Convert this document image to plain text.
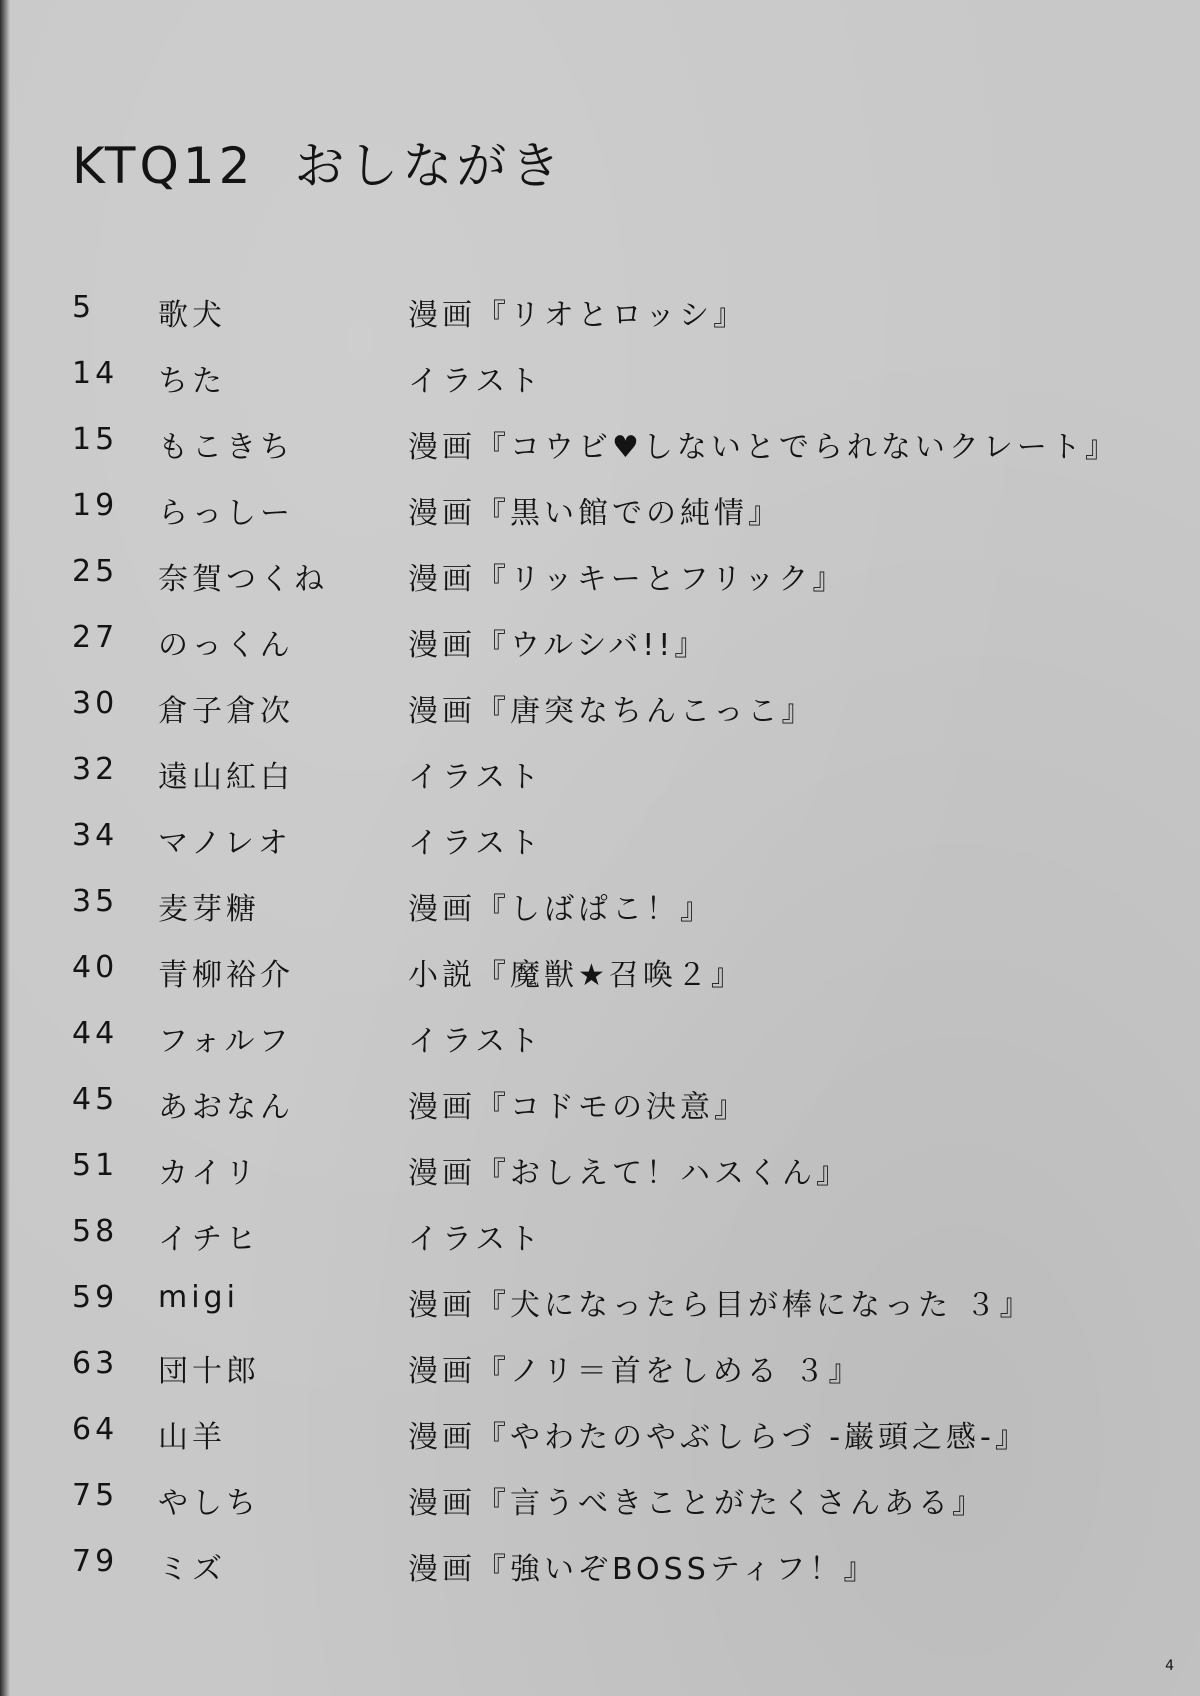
KTQ12 おしながき
5 歌犬	漫画『リオとロッシ』
14 ちた	イラスト
15 もこきち	漫画『コウビ♥しないとでられないクレート』
19 らっしー	漫画『黒い館での純情』
25 奈賀つくね	漫画『リッキーとフリック』
27 のっくん	漫画『ウルシバ!!』
30 倉子倉次	漫画『唐突なちんこっこ』
32 遠山紅白	イラスト
34 マノレオ	イラスト
35 麦芽糖	漫画『しばぱこ！』
40 青柳裕介	小説『魔獣★召喚２』
44 フォルフ	イラスト
45 あおなん	漫画『コドモの決意』
51 カイリ	漫画『おしえて！ハスくん』
58 イチヒ	イラスト
59 migi	漫画『犬になったら目が棒になった ３』
63 団十郎	漫画『ノリ＝首をしめる ３』
64 山羊	漫画『やわたのやぶしらづ -巌頭之感-』
75 やしち	漫画『言うべきことがたくさんある』
79 ミズ	漫画『強いぞBOSSティフ！』
4
